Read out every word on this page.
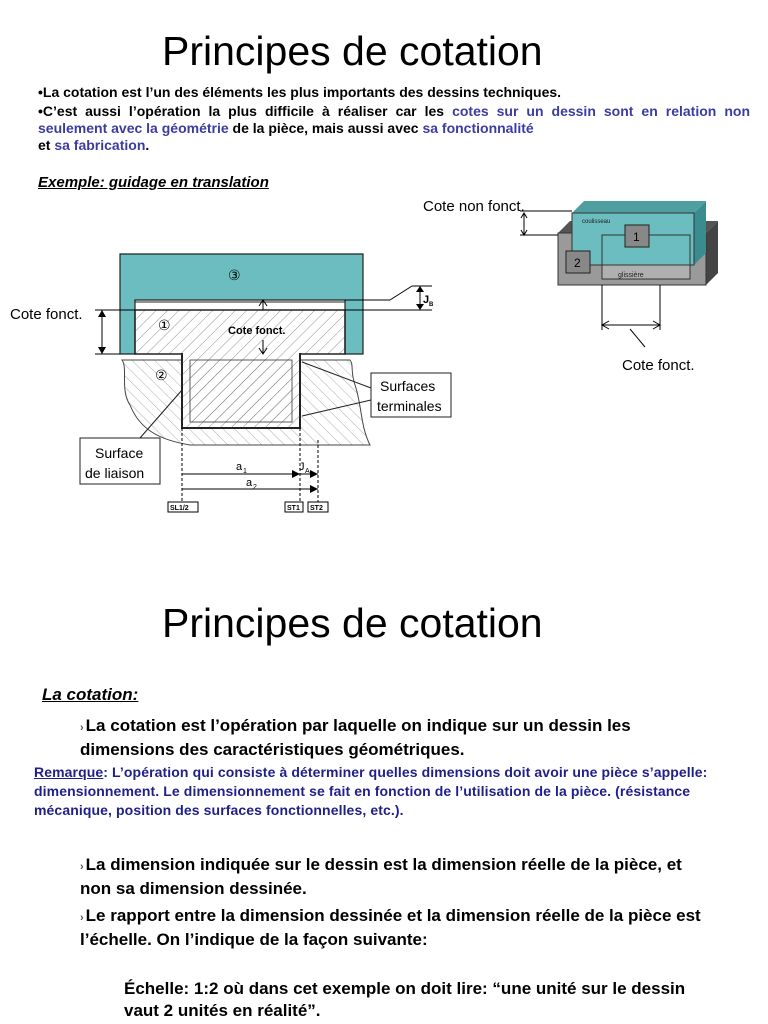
Principes de cotation
•La cotation est l’un des éléments les plus importants des dessins techniques.
•C’est aussi l’opération la plus difficile à réaliser car les cotes sur un dessin sont en relation non seulement avec la géométrie de la pièce, mais aussi avec sa fonctionnalité
et sa fabrication.
Exemple: guidage en translation
③
①
②
Cote fonct.
J B
Surfaces
terminales
Surface
de liaison	a 1
a 2
J A
SL1/2	ST1 ST2
Cote fonct.
coulisseau
1
2
glissière
Cote non fonct.
Cote fonct.
Principes de cotation
La cotation:
› La cotation est l’opération par laquelle on indique sur un dessin les dimensions des caractéristiques géométriques.
Remarque: L’opération qui consiste à déterminer quelles dimensions doit avoir une pièce s’appelle: dimensionnement. Le dimensionnement se fait en fonction de l’utilisation de la pièce. (résistance mécanique, position des surfaces fonctionnelles, etc.).
› La dimension indiquée sur le dessin est la dimension réelle de la pièce, et non sa dimension dessinée.
› Le rapport entre la dimension dessinée et la dimension réelle de la pièce est l’échelle. On l’indique de la façon suivante:
Échelle: 1:2 où dans cet exemple on doit lire: “une unité sur le dessin vaut 2 unités en réalité”.
